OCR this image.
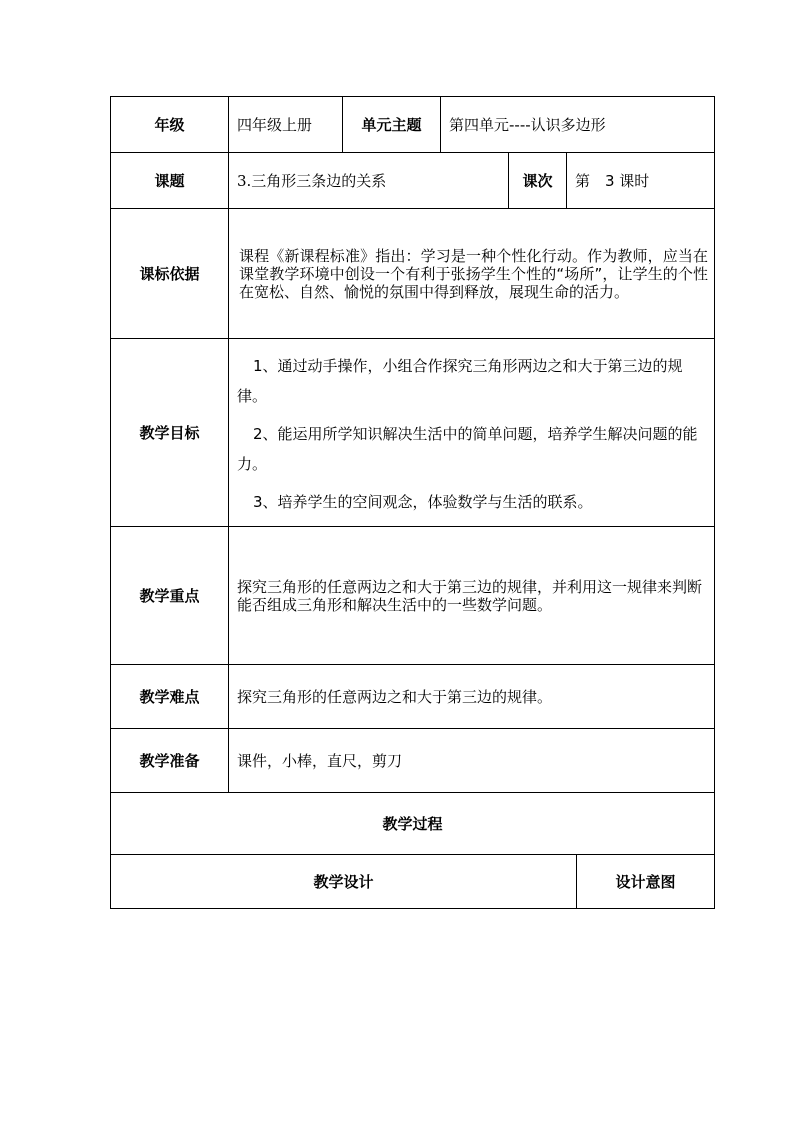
年级	四年级上册	单元主题	第四单元----认识多边形			
课题	3.三角形三条边的关系			课次	第　3 课时	
课标依据	课程《新课程标准》指出：学习是一种个性化行动。作为教师，应当在课堂教学环境中创设一个有利于张扬学生个性的“场所”，让学生的个性在宽松、自然、愉悦的氛围中得到释放，展现生命的活力。					
教学目标	1、通过动手操作，小组合作探究三角形两边之和大于第三边的规律。
2、能运用所学知识解决生活中的简单问题，培养学生解决问题的能力。
3、培养学生的空间观念，体验数学与生活的联系。					

教学重点	探究三角形的任意两边之和大于第三边的规律，并利用这一规律来判断能否组成三角形和解决生活中的一些数学问题。					
教学难点	探究三角形的任意两边之和大于第三边的规律。					
教学准备	课件，小棒，直尺，剪刀					
教学过程						
教学设计						设计意图
